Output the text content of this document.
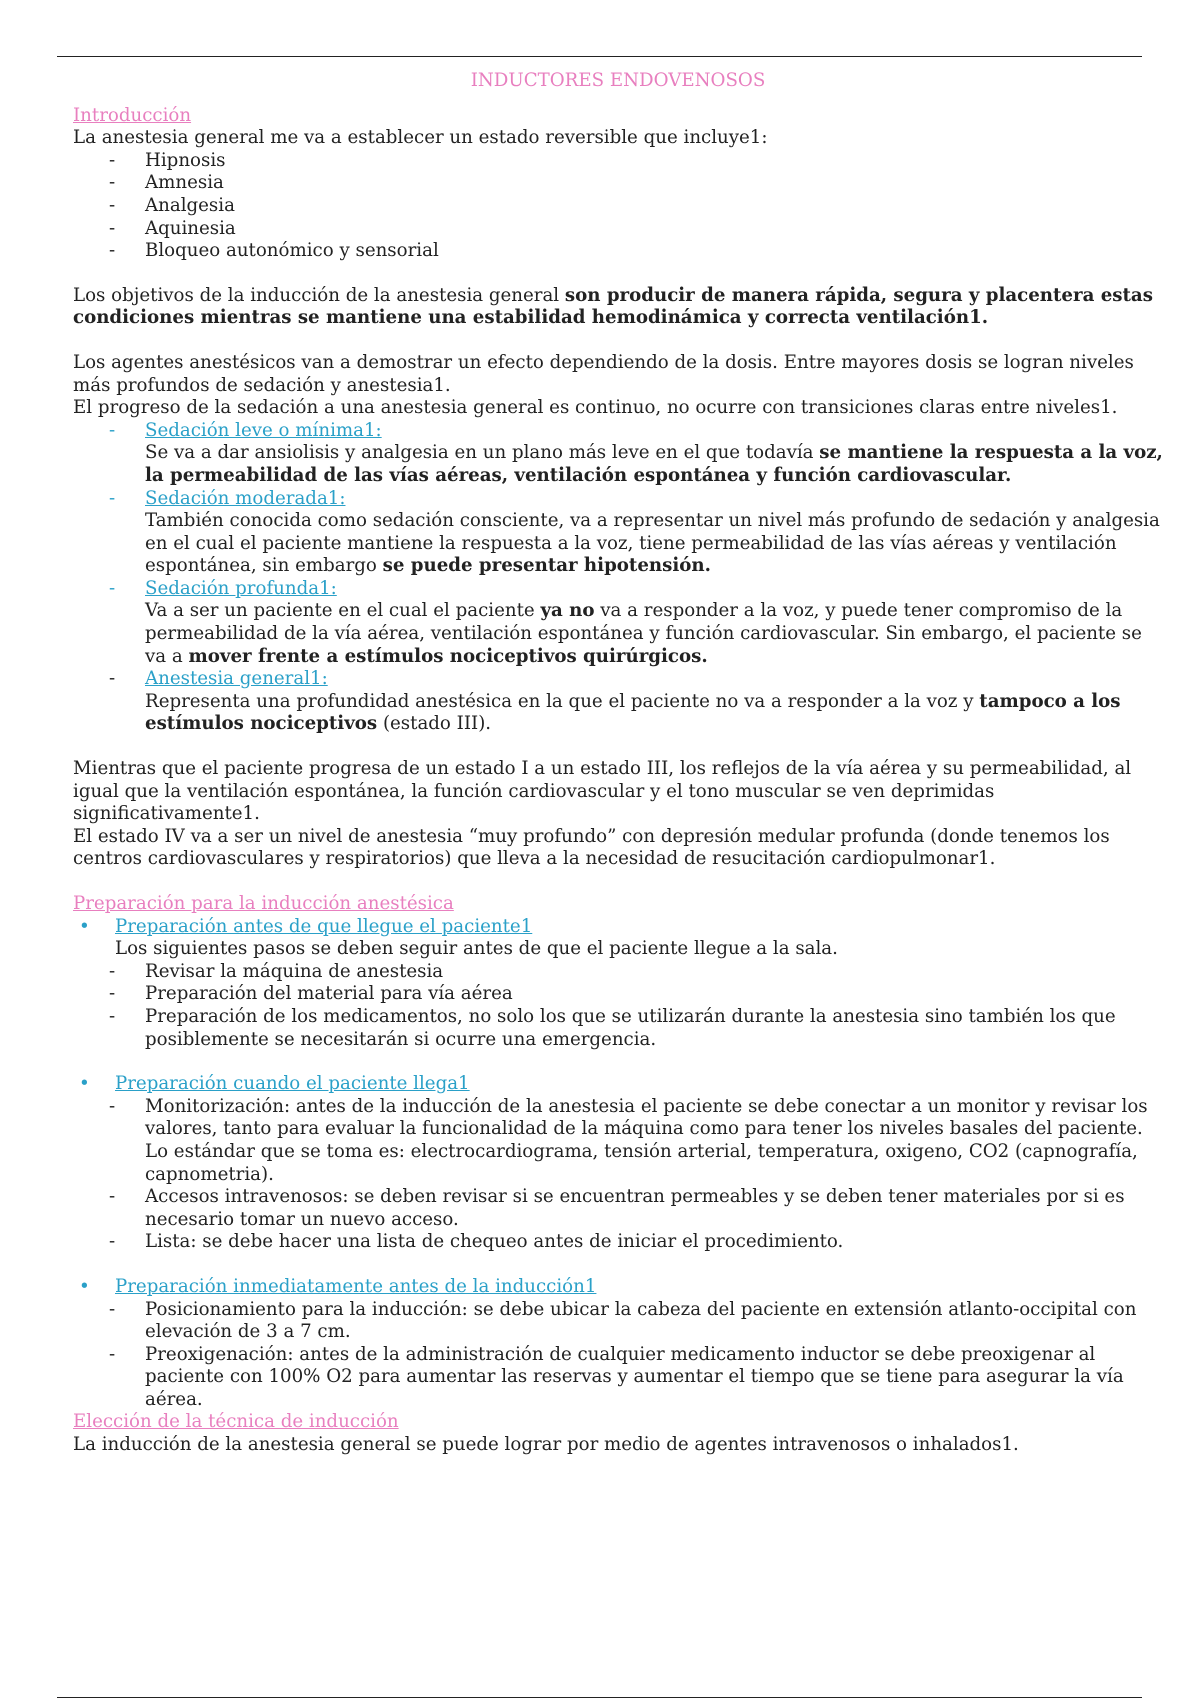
INDUCTORES ENDOVENOSOS
Introducción

La anestesia general me va a establecer un estado reversible que incluye1:

- Hipnosis
- Amnesia
- Analgesia
- Aquinesia
- Bloqueo autonómico y sensorial

Los objetivos de la inducción de la anestesia general son producir de manera rápida, segura y placentera estas condiciones mientras se mantiene una estabilidad hemodinámica y correcta ventilación1.

Los agentes anestésicos van a demostrar un efecto dependiendo de la dosis. Entre mayores dosis se logran niveles más profundos de sedación y anestesia1.

El progreso de la sedación a una anestesia general es continuo, no ocurre con transiciones claras entre niveles1.

- Sedación leve o mínima1:
Se va a dar ansiolisis y analgesia en un plano más leve en el que todavía se mantiene la respuesta a la voz, la permeabilidad de las vías aéreas, ventilación espontánea y función cardiovascular.
- Sedación moderada1:
También conocida como sedación consciente, va a representar un nivel más profundo de sedación y analgesia en el cual el paciente mantiene la respuesta a la voz, tiene permeabilidad de las vías aéreas y ventilación espontánea, sin embargo se puede presentar hipotensión.
- Sedación profunda1:
Va a ser un paciente en el cual el paciente ya no va a responder a la voz, y puede tener compromiso de la permeabilidad de la vía aérea, ventilación espontánea y función cardiovascular. Sin embargo, el paciente se va a mover frente a estímulos nociceptivos quirúrgicos.
- Anestesia general1:
Representa una profundidad anestésica en la que el paciente no va a responder a la voz y tampoco a los estímulos nociceptivos (estado III).

Mientras que el paciente progresa de un estado I a un estado III, los reflejos de la vía aérea y su permeabilidad, al igual que la ventilación espontánea, la función cardiovascular y el tono muscular se ven deprimidas significativamente1.

El estado IV va a ser un nivel de anestesia “muy profundo” con depresión medular profunda (donde tenemos los centros cardiovasculares y respiratorios) que lleva a la necesidad de resucitación cardiopulmonar1.

Preparación para la inducción anestésica
• Preparación antes de que llegue el paciente1
Los siguientes pasos se deben seguir antes de que el paciente llegue a la sala.
- Revisar la máquina de anestesia
- Preparación del material para vía aérea
- Preparación de los medicamentos, no solo los que se utilizarán durante la anestesia sino también los que posiblemente se necesitarán si ocurre una emergencia.
• Preparación cuando el paciente llega1
- Monitorización: antes de la inducción de la anestesia el paciente se debe conectar a un monitor y revisar los valores, tanto para evaluar la funcionalidad de la máquina como para tener los niveles basales del paciente. Lo estándar que se toma es: electrocardiograma, tensión arterial, temperatura, oxigeno, CO2 (capnografía, capnometria).
- Accesos intravenosos: se deben revisar si se encuentran permeables y se deben tener materiales por si es necesario tomar un nuevo acceso.
- Lista: se debe hacer una lista de chequeo antes de iniciar el procedimiento.
• Preparación inmediatamente antes de la inducción1
- Posicionamiento para la inducción: se debe ubicar la cabeza del paciente en extensión atlanto-occipital con elevación de 3 a 7 cm.
- Preoxigenación: antes de la administración de cualquier medicamento inductor se debe preoxigenar al paciente con 100% O2 para aumentar las reservas y aumentar el tiempo que se tiene para asegurar la vía aérea.
Elección de la técnica de inducción

La inducción de la anestesia general se puede lograr por medio de agentes intravenosos o inhalados1.
